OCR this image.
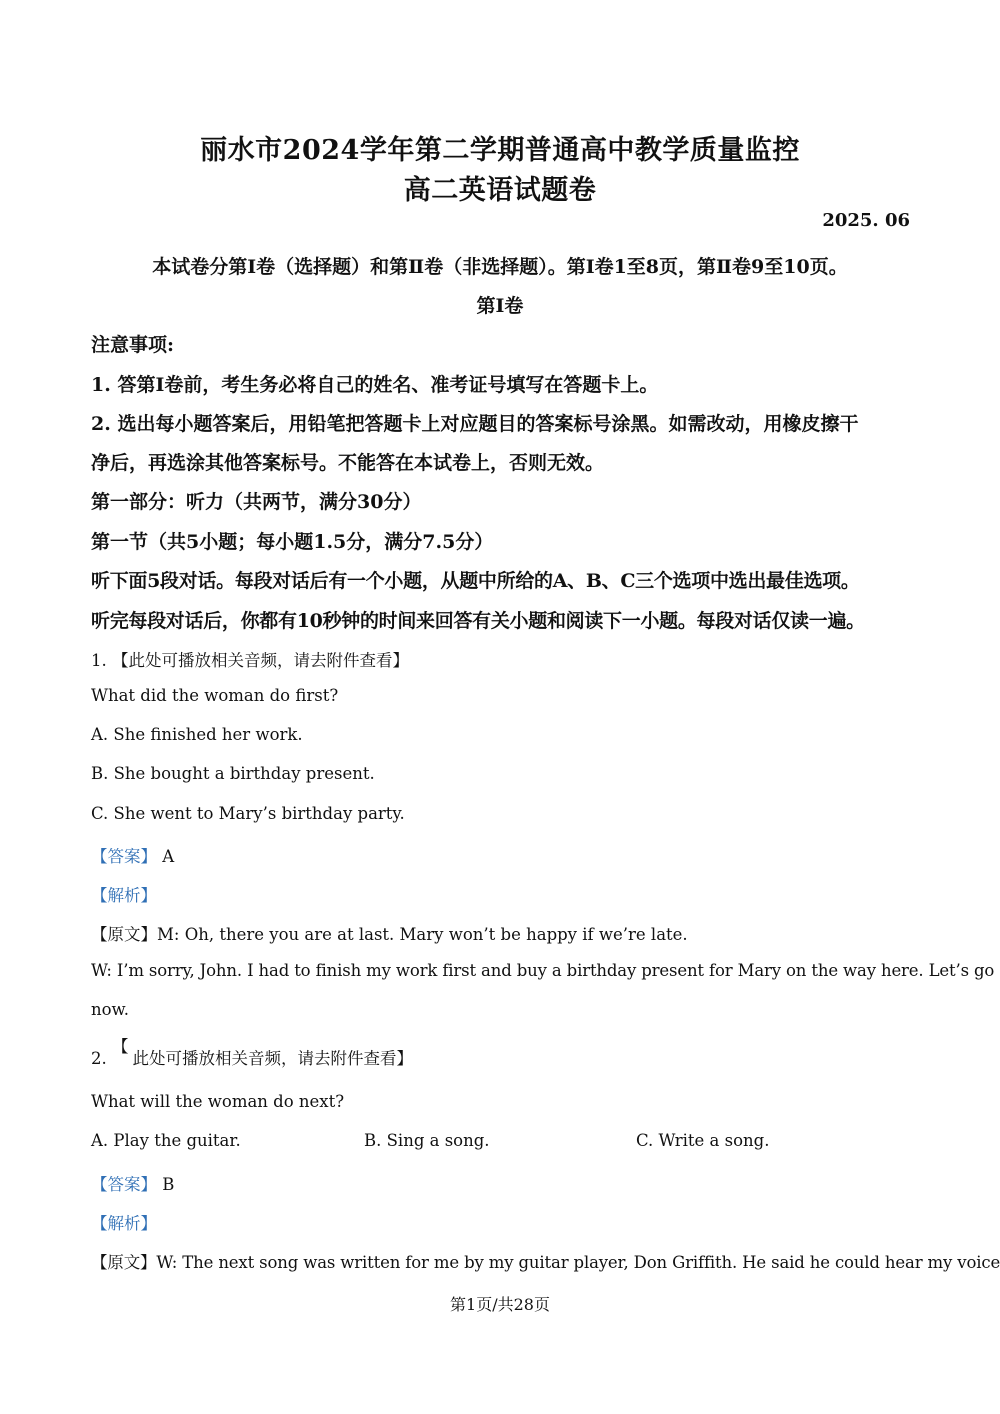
丽水市2024学年第二学期普通高中教学质量监控
高二英语试题卷
2025. 06
本试卷分第Ⅰ卷（选择题）和第Ⅱ卷（非选择题）。第Ⅰ卷1至8页，第Ⅱ卷9至10页。
第Ⅰ卷
注意事项:
1. 答第Ⅰ卷前，考生务必将自己的姓名、准考证号填写在答题卡上。
2. 选出每小题答案后，用铅笔把答题卡上对应题目的答案标号涂黑。如需改动，用橡皮擦干
净后，再选涂其他答案标号。不能答在本试卷上，否则无效。
第一部分：听力（共两节，满分30分）
第一节（共5小题；每小题1.5分，满分7.5分）
听下面5段对话。每段对话后有一个小题，从题中所给的A、B、C三个选项中选出最佳选项。
听完每段对话后，你都有10秒钟的时间来回答有关小题和阅读下一小题。每段对话仅读一遍。
1. 【此处可播放相关音频，请去附件查看】
What did the woman do first?
A. She finished her work.
B. She bought a birthday present.
C. She went to Mary’s birthday party.
【答案】 A
【解析】
【原文】M: Oh, there you are at last. Mary won’t be happy if we’re late.
W: I’m sorry, John. I had to finish my work first and buy a birthday present for Mary on the way here. Let’s go
now.
2. 【此处可播放相关音频，请去附件查看】
What will the woman do next?
A. Play the guitar.	B. Sing a song.	C. Write a song.
【答案】 B
【解析】
【原文】W: The next song was written for me by my guitar player, Don Griffith. He said he could hear my voice
第1页/共28页
